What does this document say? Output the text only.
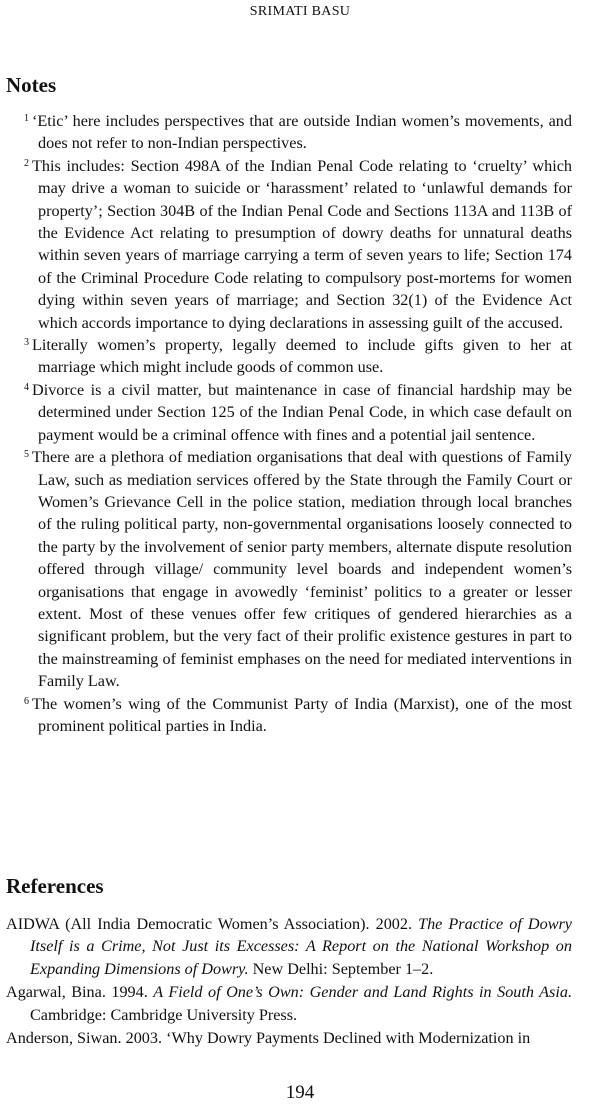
SRIMATI BASU
Notes

$^1$ ‘Etic’ here includes perspectives that are outside Indian women’s movements, and does not refer to non-Indian perspectives.

$^2$ This includes: Section 498A of the Indian Penal Code relating to ‘cruelty’ which may drive a woman to suicide or ‘harassment’ related to ‘unlawful demands for property’; Section 304B of the Indian Penal Code and Sections 113A and 113B of the Evidence Act relating to presumption of dowry deaths for unnatural deaths within seven years of marriage carrying a term of seven years to life; Section 174 of the Criminal Procedure Code relating to compulsory post-mortems for women dying within seven years of marriage; and Section 32(1) of the Evidence Act which accords importance to dying declarations in assessing guilt of the accused.

$^3$ Literally women’s property, legally deemed to include gifts given to her at marriage which might include goods of common use.

$^4$ Divorce is a civil matter, but maintenance in case of financial hardship may be determined under Section 125 of the Indian Penal Code, in which case default on payment would be a criminal offence with fines and a potential jail sentence.

$^5$ There are a plethora of mediation organisations that deal with questions of Family Law, such as mediation services offered by the State through the Family Court or Women’s Grievance Cell in the police station, mediation through local branches of the ruling political party, non-governmental organisations loosely connected to the party by the involvement of senior party members, alternate dispute resolution offered through village/ community level boards and independent women’s organisations that engage in avowedly ‘feminist’ politics to a greater or lesser extent. Most of these venues offer few critiques of gendered hierarchies as a significant problem, but the very fact of their prolific existence gestures in part to the mainstreaming of feminist emphases on the need for mediated interventions in Family Law.

$^6$ The women’s wing of the Communist Party of India (Marxist), one of the most prominent political parties in India.

References

AIDWA (All India Democratic Women’s Association). 2002. The Practice of Dowry Itself is a Crime, Not Just its Excesses: A Report on the National Workshop on Expanding Dimensions of Dowry. New Delhi: September 1–2.

Agarwal, Bina. 1994. A Field of One’s Own: Gender and Land Rights in South Asia. Cambridge: Cambridge University Press.

Anderson, Siwan. 2003. ‘Why Dowry Payments Declined with Modernization in

194
